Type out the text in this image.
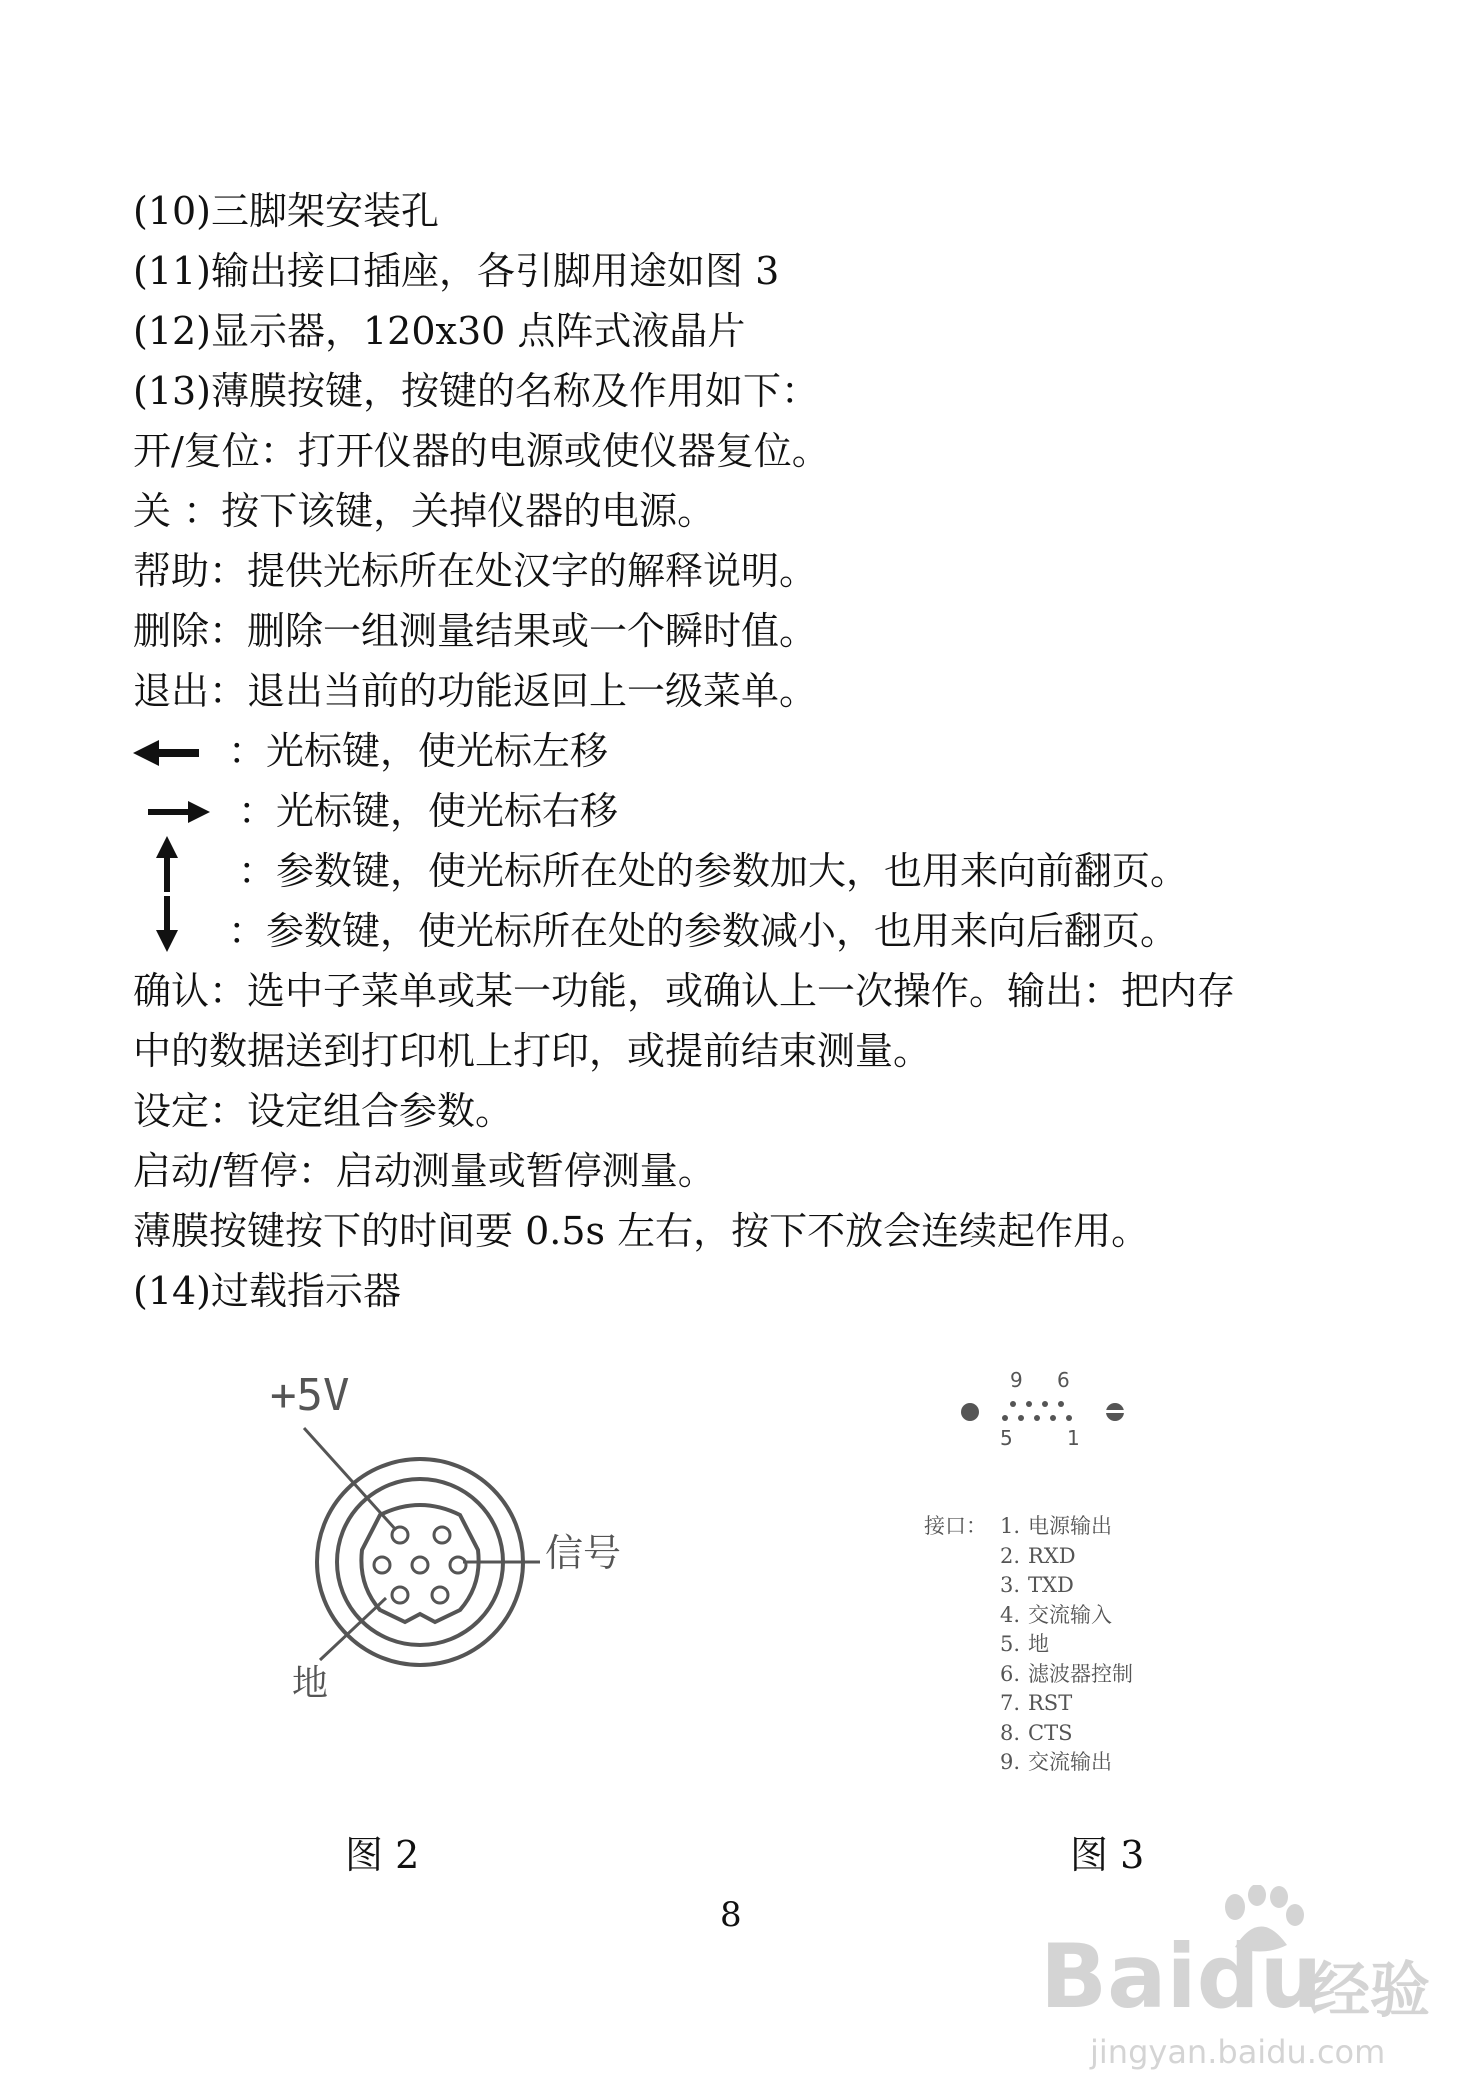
(10)三脚架安装孔
(11)输出接口插座，各引脚用途如图 3
(12)显示器，120x30 点阵式液晶片
(13)薄膜按键，按键的名称及作用如下：
开/复位：打开仪器的电源或使仪器复位。
关 ：按下该键，关掉仪器的电源。
帮助：提供光标所在处汉字的解释说明。
删除：删除一组测量结果或一个瞬时值。
退出：退出当前的功能返回上一级菜单。
：光标键，使光标左移
：光标键，使光标右移
：参数键，使光标所在处的参数加大，也用来向前翻页。
：参数键，使光标所在处的参数减小，也用来向后翻页。
确认：选中子菜单或某一功能，或确认上一次操作。输出：把内存
中的数据送到打印机上打印，或提前结束测量。
设定：设定组合参数。
启动/暂停：启动测量或暂停测量。
薄膜按键按下的时间要 0.5s 左右，按下不放会连续起作用。
(14)过载指示器
+5V
信号
地
图 2
9 6
5	1
接口： 1. 电源输出
2. RXD
3. TXD
4. 交流输入
5. 地
6. 滤波器控制
7. RST
8. CTS
9. 交流输出
图 3
8
Baidu
经验
jingyan.baidu.com
